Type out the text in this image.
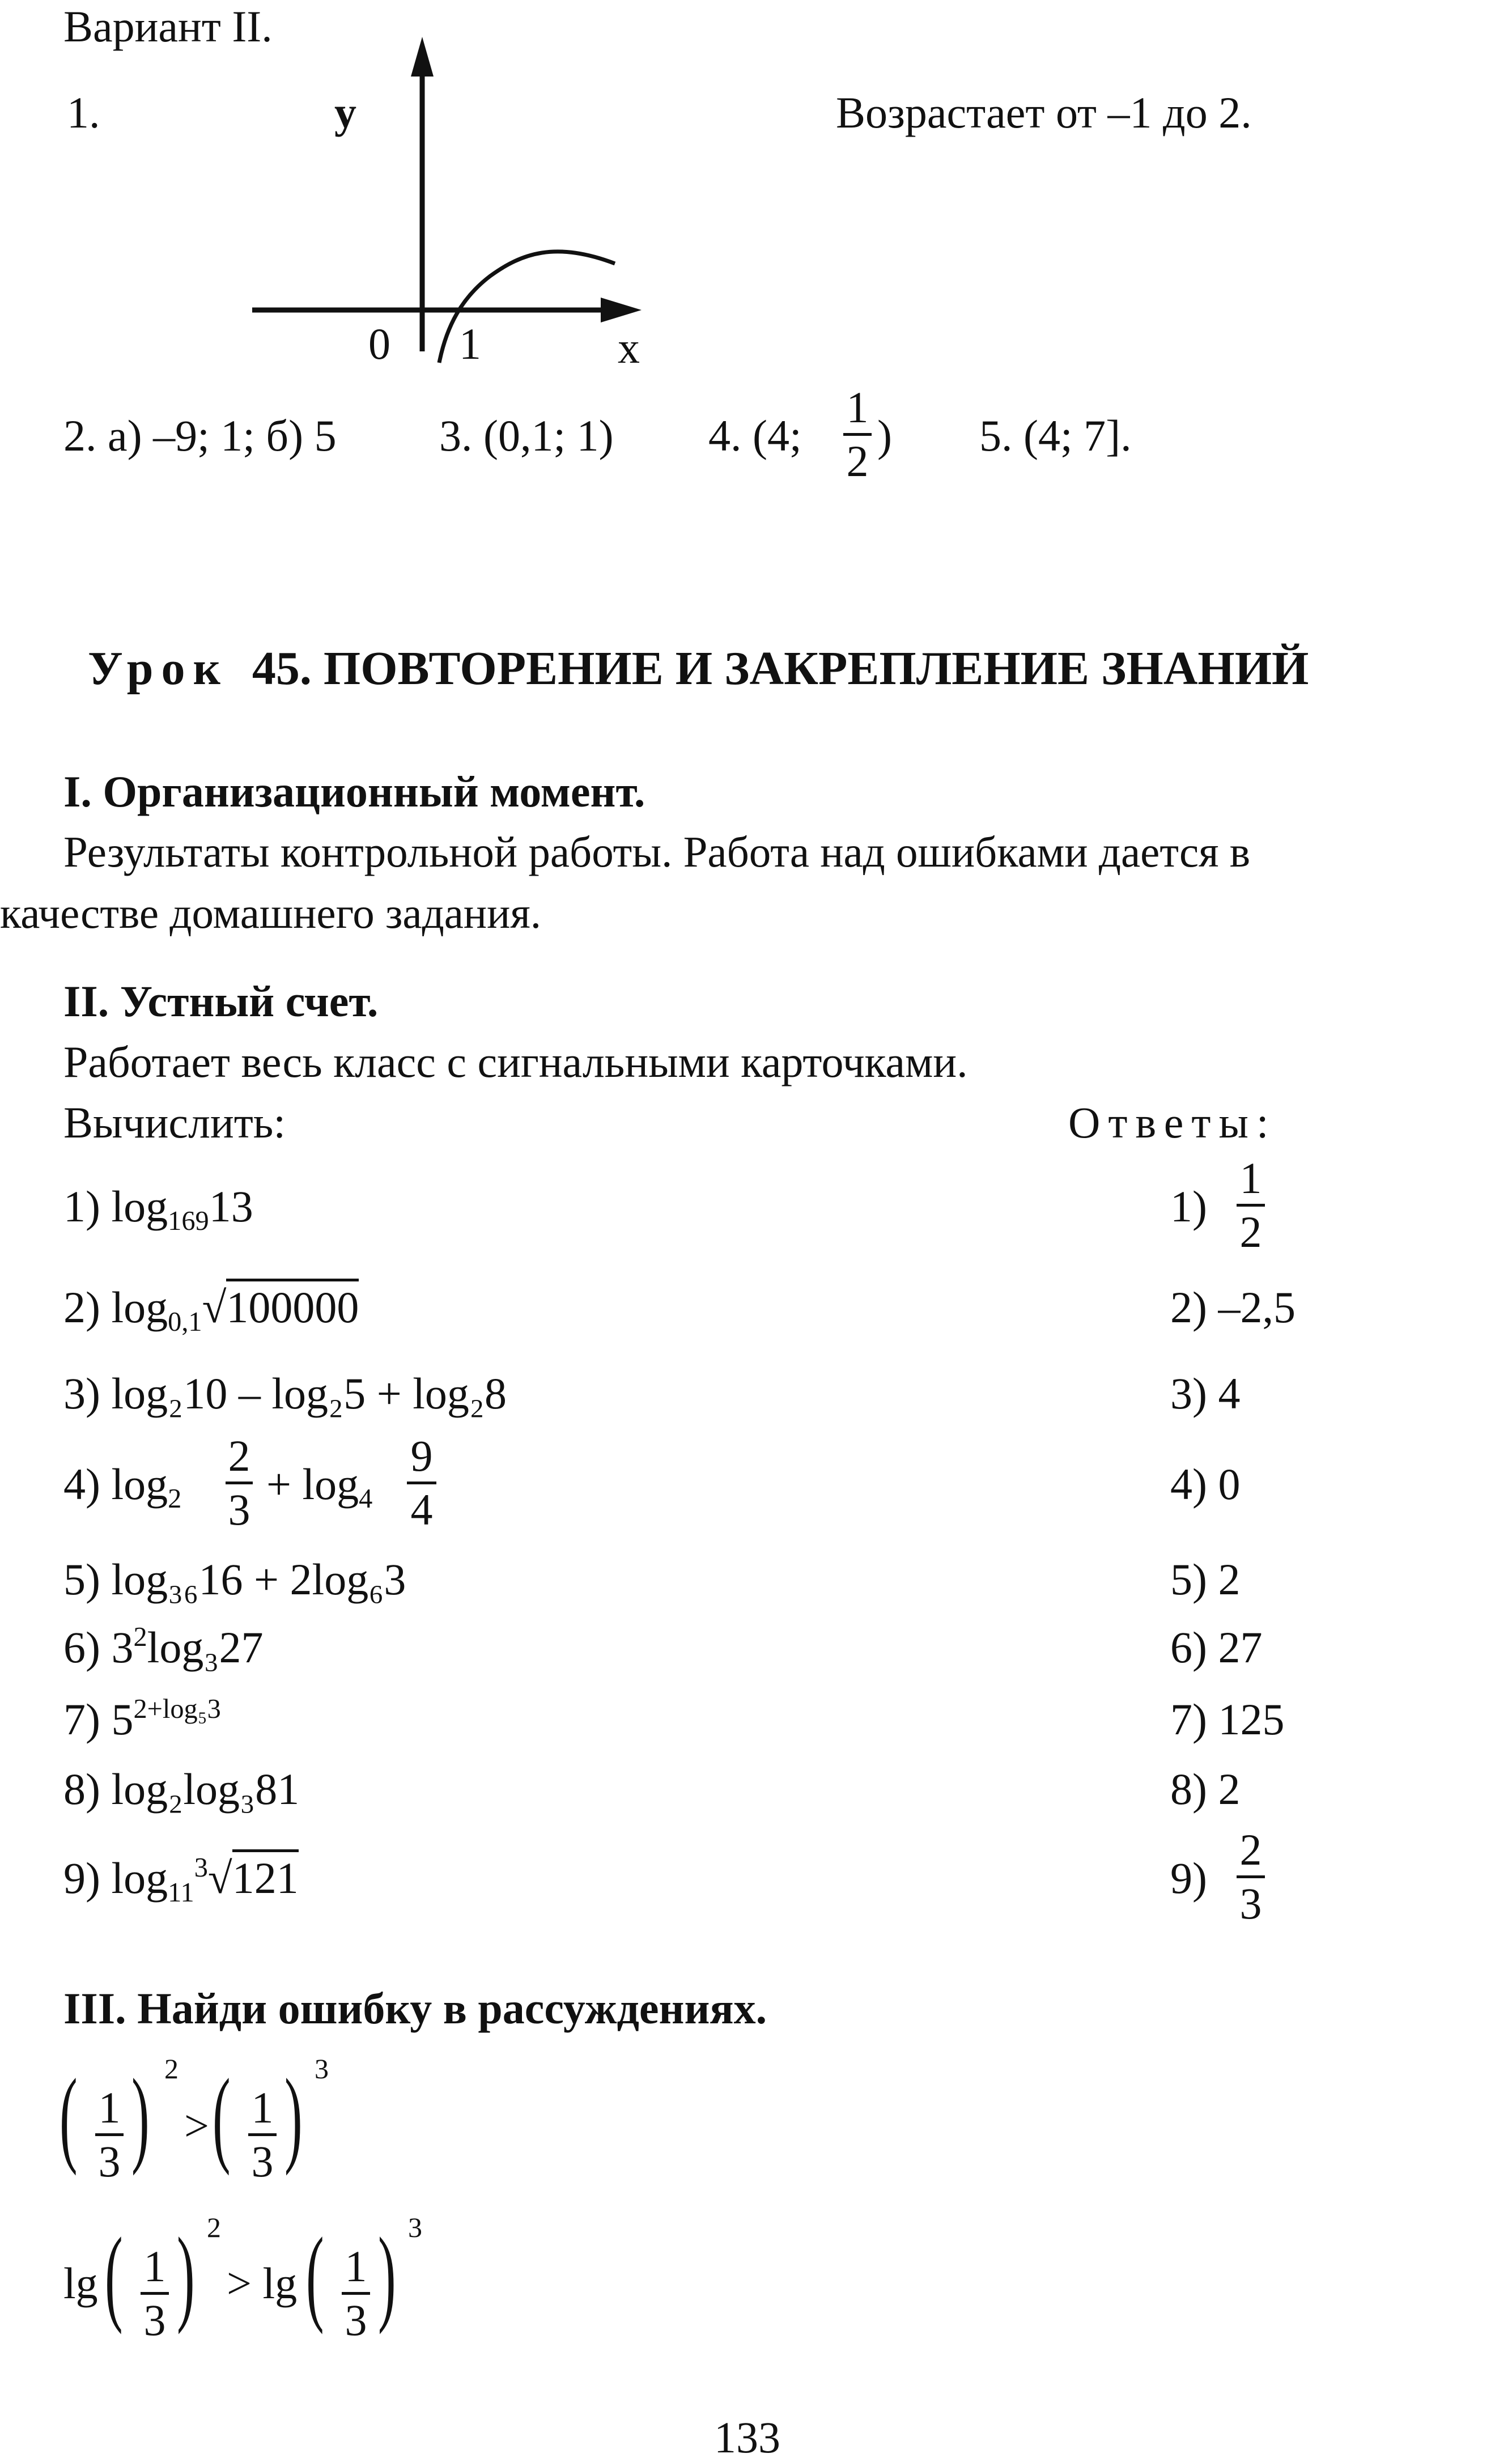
Вариант II.
1.	y
x
0 1
Возрастает от –1 до 2.
2. а) –9; 1; б) 5 3. (0,1; 1) 4. (4;
1
2
) 5. (4; 7].
Урок 45. ПОВТОРЕНИЕ И ЗАКРЕПЛЕНИЕ ЗНАНИЙ
I. Организационный момент.
Результаты контрольной работы. Работа над ошибками дается в
качестве домашнего задания.
II. Устный счет.
Работает весь класс с сигнальными карточками.
Вычислить:	Ответы:
1) log16913	1)
1
2
2) log0,1√100000	2) –2,5
3) log₂10 – log₂5 + log₂8	3) 4
4) log2
2
3
+ log4
9
4
4) 0
5) log₃₆16 + 2log₆3	5) 2
6) $3^2\log_327$	6) 27
7) $5^{2+log_53}$	7) 125
8) log₂log₃81	8) 2
9) $\log 11^3√121$	9)
2
3
III. Найди ошибку в рассуждениях.
( 1
3 ) 2
> ( 1
3 ) 3
lg ( 1
3 ) 2
> lg ( 1
3 ) 3
133
